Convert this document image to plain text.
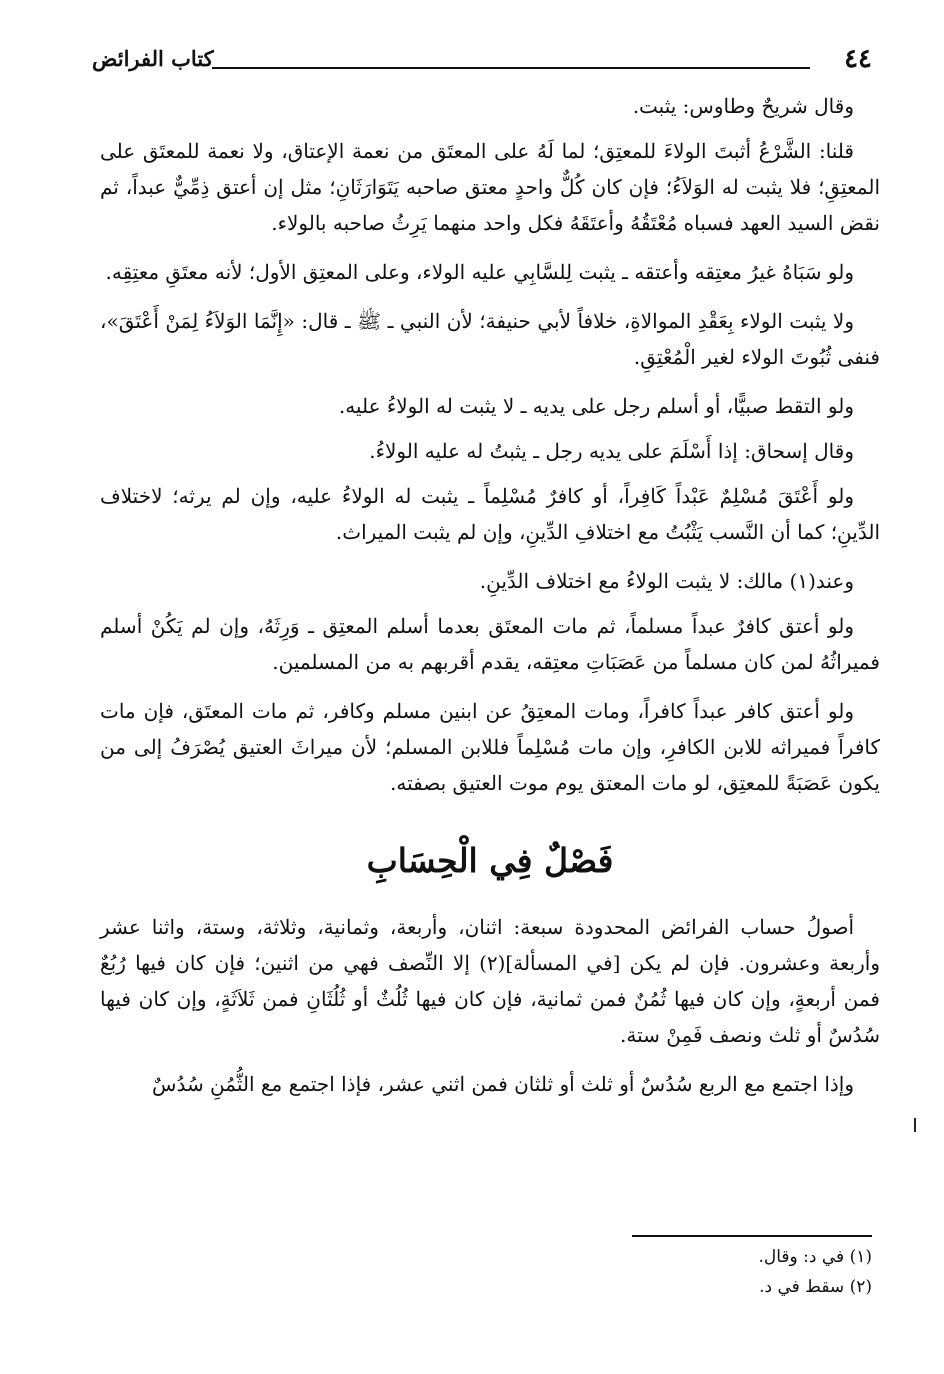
٤٤
كتاب الفرائض

وقال شريحٌ وطاوس: يثبت.

قلنا: الشَّرْعُ أثبتَ الولاءَ للمعتِق؛ لما لَهُ على المعتَق من نعمة الإعتاق، ولا نعمة للمعتَق على المعتِقِ؛ فلا يثبت له الوَلاَءُ؛ فإن كان كُلٌّ واحدٍ معتق صاحبه يَتَوَارَثَانِ؛ مثل إن أعتق ذِمِّيٌّ عبداً، ثم نقض السيد العهد فسباه مُعْتَقُهُ وأعتَقَهُ فكل واحد منهما يَرِثُ صاحبه بالولاء.

ولو سَبَاهُ غيرُ معتِقه وأعتقه ـ يثبت لِلسَّابِي عليه الولاء، وعلى المعتِق الأول؛ لأنه معتَقِ معتِقِه.

ولا يثبت الولاء بِعَقْدِ الموالاةِ، خلافاً لأبي حنيفة؛ لأن النبي ـ ﷺ ـ قال: «إِنَّمَا الوَلاَءُ لِمَنْ أَعْتَقَ»، فنفى ثُبُوتَ الولاء لغير الْمُعْتِقِ.

ولو التقط صبيًّا، أو أسلم رجل على يديه ـ لا يثبت له الولاءُ عليه.

وقال إسحاق: إذا أَسْلَمَ على يديه رجل ـ يثبتُ له عليه الولاءُ.

ولو أَعْتَقَ مُسْلِمٌ عَبْداً كَافِراً، أو كافرٌ مُسْلِماً ـ يثبت له الولاءُ عليه، وإن لم يرثه؛ لاختلاف الدِّينِ؛ كما أن النَّسب يَثْبُتُ مع اختلافِ الدِّينِ، وإن لم يثبت الميراث.

وعند(١) مالك: لا يثبت الولاءُ مع اختلاف الدِّينِ.

ولو أعتق كافرٌ عبداً مسلماً، ثم مات المعتَق بعدما أسلم المعتِق ـ وَرِثَهُ، وإن لم يَكُنْ أسلم فميراثُهُ لمن كان مسلماً من عَصَبَاتِ معتِقه، يقدم أقربهم به من المسلمين.

ولو أعتق كافر عبداً كافراً، ومات المعتِقُ عن ابنين مسلم وكافر، ثم مات المعتَق، فإن مات كافراً فميراثه للابن الكافرِ، وإن مات مُسْلِماً فللابن المسلم؛ لأن ميراثَ العتيق يُصْرَفُ إلى من يكون عَصَبَةً للمعتِق، لو مات المعتق يوم موت العتيق بصفته.

فَصْلٌ فِي الْحِسَابِ

أصولُ حساب الفرائض المحدودة سبعة: اثنان، وأربعة، وثمانية، وثلاثة، وستة، واثنا عشر وأربعة وعشرون. فإن لم يكن [في المسألة](٢) إلا النِّصف فهي من اثنين؛ فإن كان فيها رُبُعٌ فمن أربعةٍ، وإن كان فيها ثُمُنٌ فمن ثمانية، فإن كان فيها ثُلُثٌ أو ثُلُثَانِ فمن ثَلاَثَةٍ، وإن كان فيها سُدُسٌ أو ثلث ونصف فَمِنْ ستة.

وإذا اجتمع مع الربع سُدُسٌ أو ثلث أو ثلثان فمن اثني عشر، فإذا اجتمع مع الثُّمُنِ سُدُسٌ

(١) في د: وقال.
(٢) سقط في د.
